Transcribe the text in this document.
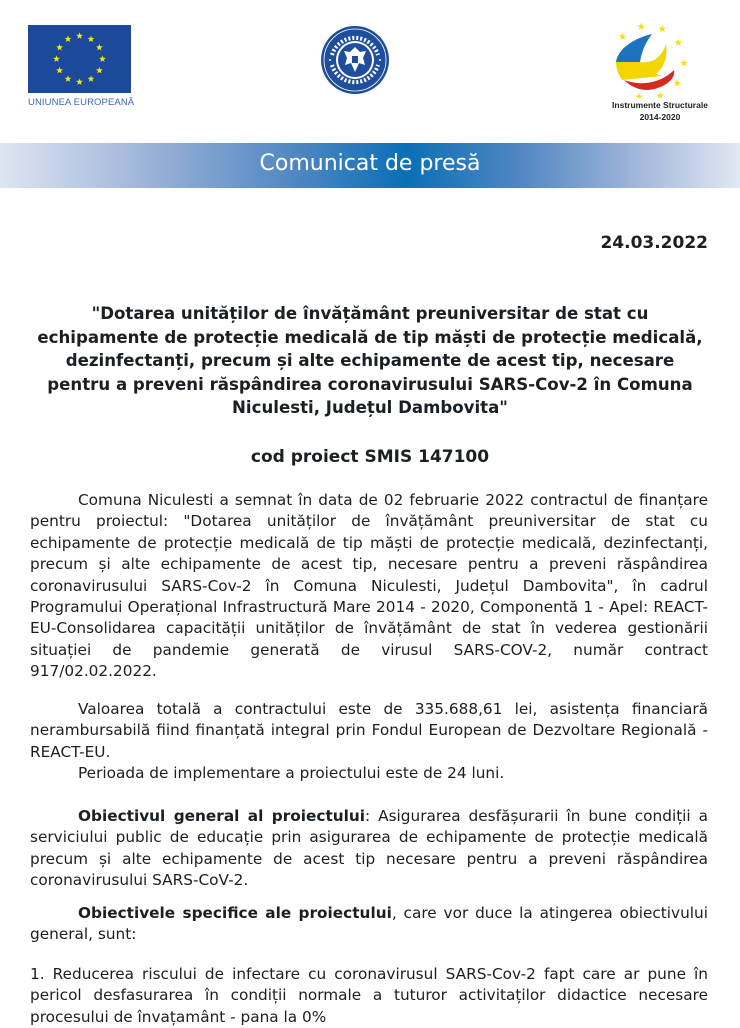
UNIUNEA EUROPEANĂ	Instrumente Structurale
2014-2020
Comunicat de presă
24.03.2022
"Dotarea unităților de învățământ preuniversitar de stat cu
echipamente de protecție medicală de tip măști de protecție medicală,
dezinfectanți, precum și alte echipamente de acest tip, necesare
pentru a preveni răspândirea coronavirusului SARS-Cov-2 în Comuna
Niculesti, Județul Dambovita"
cod proiect SMIS 147100
Comuna Niculesti a semnat în data de 02 februarie 2022 contractul de finanțare pentru proiectul: "Dotarea unităților de învățământ preuniversitar de stat cu echipamente de protecție medicală de tip măști de protecție medicală, dezinfectanți, precum și alte echipamente de acest tip, necesare pentru a preveni răspândirea coronavirusului SARS-Cov-2 în Comuna Niculesti, Județul Dambovita", în cadrul Programului Operațional Infrastructură Mare 2014 - 2020, Componentă 1 - Apel: REACT-EU-Consolidarea capacității unităților de învățământ de stat în vederea gestionării situației de pandemie generată de virusul SARS-COV-2, număr contract 917/02.02.2022.
Valoarea totală a contractului este de 335.688,61 lei, asistența financiară nerambursabilă fiind finanțată integral prin Fondul European de Dezvoltare Regională - REACT-EU.
Perioada de implementare a proiectului este de 24 luni.
Obiectivul general al proiectului: Asigurarea desfășurarii în bune condiții a serviciului public de educație prin asigurarea de echipamente de protecție medicală precum și alte echipamente de acest tip necesare pentru a preveni răspândirea coronavirusului SARS-CoV-2.
Obiectivele specifice ale proiectului, care vor duce la atingerea obiectivului general, sunt:
1. Reducerea riscului de infectare cu coronavirusul SARS-Cov-2 fapt care ar pune în pericol desfasurarea în condiții normale a tuturor activitaților didactice necesare procesului de învațamânt - pana la 0%
